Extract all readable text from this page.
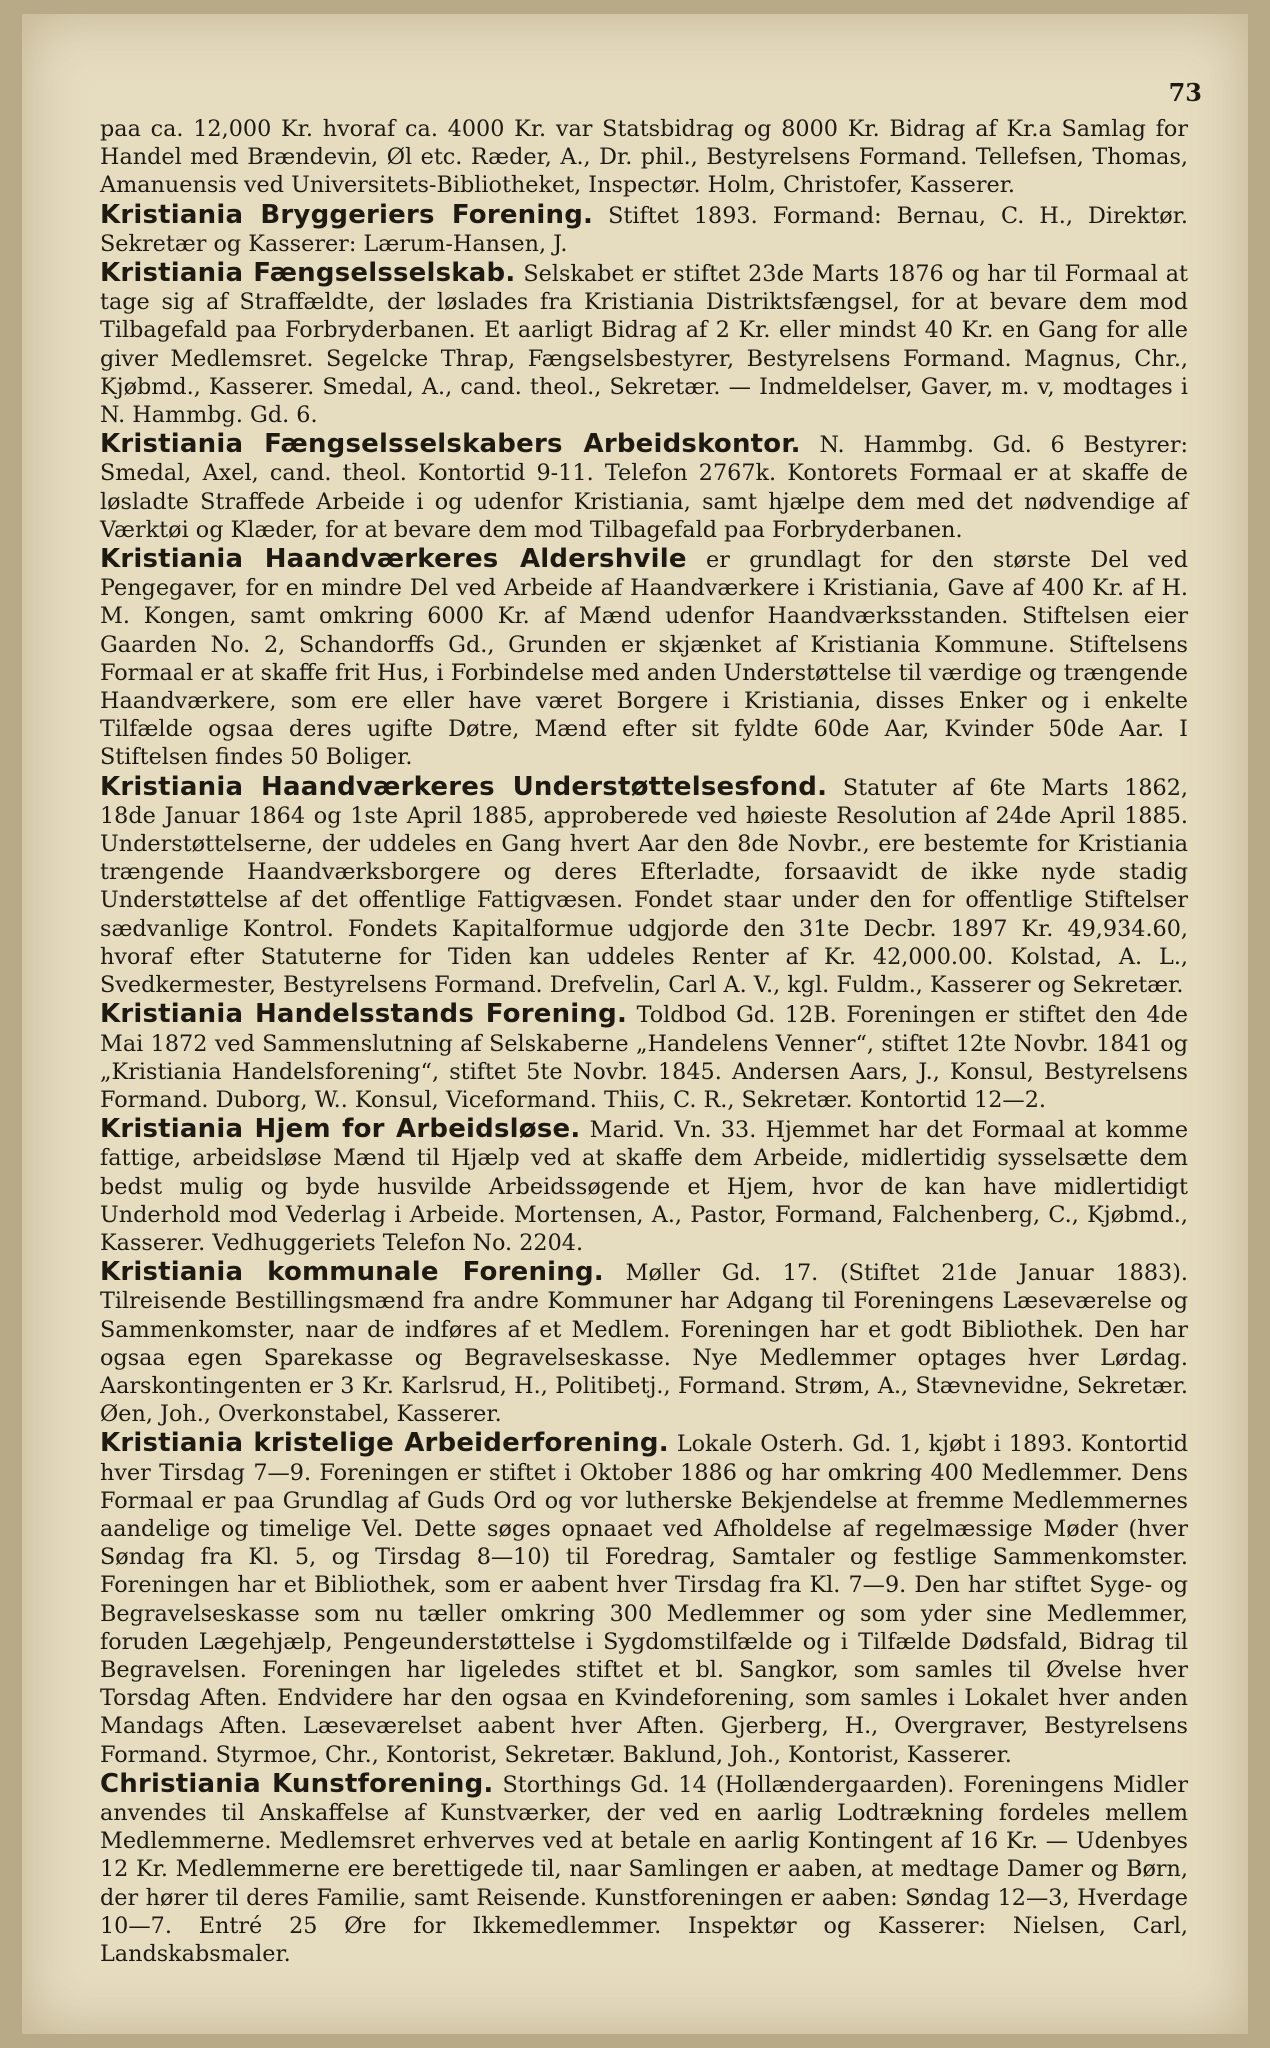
73

paa ca. 12,000 Kr. hvoraf ca. 4000 Kr. var Statsbidrag og 8000 Kr. Bidrag af Kr.a Samlag for Handel med Brændevin, Øl etc. Ræder, A., Dr. phil., Bestyrelsens Formand. Tellefsen, Thomas, Amanuensis ved Universitets-Bibliotheket, Inspectør. Holm, Christofer, Kasserer.

Kristiania Bryggeriers Forening. Stiftet 1893. Formand: Bernau, C. H., Direktør. Sekretær og Kasserer: Lærum-Hansen, J.

Kristiania Fængselsselskab. Selskabet er stiftet 23de Marts 1876 og har til Formaal at tage sig af Straffældte, der løslades fra Kristiania Distriktsfængsel, for at bevare dem mod Tilbagefald paa Forbryderbanen. Et aarligt Bidrag af 2 Kr. eller mindst 40 Kr. en Gang for alle giver Medlemsret. Segelcke Thrap, Fængselsbestyrer, Bestyrelsens Formand. Magnus, Chr., Kjøbmd., Kasserer. Smedal, A., cand. theol., Sekretær. — Indmeldelser, Gaver, m. v, modtages i N. Hammbg. Gd. 6.

Kristiania Fængselsselskabers Arbeidskontor. N. Hammbg. Gd. 6 Bestyrer: Smedal, Axel, cand. theol. Kontortid 9-11. Telefon 2767k. Kontorets Formaal er at skaffe de løsladte Straffede Arbeide i og udenfor Kristiania, samt hjælpe dem med det nødvendige af Værktøi og Klæder, for at bevare dem mod Tilbagefald paa Forbryderbanen.

Kristiania Haandværkeres Aldershvile er grundlagt for den største Del ved Pengegaver, for en mindre Del ved Arbeide af Haandværkere i Kristiania, Gave af 400 Kr. af H. M. Kongen, samt omkring 6000 Kr. af Mænd udenfor Haandværksstanden. Stiftelsen eier Gaarden No. 2, Schandorffs Gd., Grunden er skjænket af Kristiania Kommune. Stiftelsens Formaal er at skaffe frit Hus, i Forbindelse med anden Understøttelse til værdige og trængende Haandværkere, som ere eller have været Borgere i Kristiania, disses Enker og i enkelte Tilfælde ogsaa deres ugifte Døtre, Mænd efter sit fyldte 60de Aar, Kvinder 50de Aar. I Stiftelsen findes 50 Boliger.

Kristiania Haandværkeres Understøttelsesfond. Statuter af 6te Marts 1862, 18de Januar 1864 og 1ste April 1885, approberede ved høieste Resolution af 24de April 1885. Understøttelserne, der uddeles en Gang hvert Aar den 8de Novbr., ere bestemte for Kristiania trængende Haandværksborgere og deres Efterladte, forsaavidt de ikke nyde stadig Understøttelse af det offentlige Fattigvæsen. Fondet staar under den for offentlige Stiftelser sædvanlige Kontrol. Fondets Kapitalformue udgjorde den 31te Decbr. 1897 Kr. 49,934.60, hvoraf efter Statuterne for Tiden kan uddeles Renter af Kr. 42,000.00. Kolstad, A. L., Svedkermester, Bestyrelsens Formand. Drefvelin, Carl A. V., kgl. Fuldm., Kasserer og Sekretær.

Kristiania Handelsstands Forening. Toldbod Gd. 12B. Foreningen er stiftet den 4de Mai 1872 ved Sammenslutning af Selskaberne „Handelens Venner“, stiftet 12te Novbr. 1841 og „Kristiania Handelsforening“, stiftet 5te Novbr. 1845. Andersen Aars, J., Konsul, Bestyrelsens Formand. Duborg, W.. Konsul, Viceformand. Thiis, C. R., Sekretær. Kontortid 12—2.

Kristiania Hjem for Arbeidsløse. Marid. Vn. 33. Hjemmet har det Formaal at komme fattige, arbeidsløse Mænd til Hjælp ved at skaffe dem Arbeide, midlertidig sysselsætte dem bedst mulig og byde husvilde Arbeidssøgende et Hjem, hvor de kan have midlertidigt Underhold mod Vederlag i Arbeide. Mortensen, A., Pastor, Formand, Falchenberg, C., Kjøbmd., Kasserer. Vedhuggeriets Telefon No. 2204.

Kristiania kommunale Forening. Møller Gd. 17. (Stiftet 21de Januar 1883). Tilreisende Bestillingsmænd fra andre Kommuner har Adgang til Foreningens Læseværelse og Sammenkomster, naar de indføres af et Medlem. Foreningen har et godt Bibliothek. Den har ogsaa egen Sparekasse og Begravelseskasse. Nye Medlemmer optages hver Lørdag. Aarskontingenten er 3 Kr. Karlsrud, H., Politibetj., Formand. Strøm, A., Stævnevidne, Sekretær. Øen, Joh., Overkonstabel, Kasserer.

Kristiania kristelige Arbeiderforening. Lokale Osterh. Gd. 1, kjøbt i 1893. Kontortid hver Tirsdag 7—9. Foreningen er stiftet i Oktober 1886 og har omkring 400 Medlemmer. Dens Formaal er paa Grundlag af Guds Ord og vor lutherske Bekjendelse at fremme Medlemmernes aandelige og timelige Vel. Dette søges opnaaet ved Afholdelse af regelmæssige Møder (hver Søndag fra Kl. 5, og Tirsdag 8—10) til Foredrag, Samtaler og festlige Sammenkomster. Foreningen har et Bibliothek, som er aabent hver Tirsdag fra Kl. 7—9. Den har stiftet Syge- og Begravelseskasse som nu tæller omkring 300 Medlemmer og som yder sine Medlemmer, foruden Lægehjælp, Pengeunderstøttelse i Sygdomstilfælde og i Tilfælde Dødsfald, Bidrag til Begravelsen. Foreningen har ligeledes stiftet et bl. Sangkor, som samles til Øvelse hver Torsdag Aften. Endvidere har den ogsaa en Kvindeforening, som samles i Lokalet hver anden Mandags Aften. Læseværelset aabent hver Aften. Gjerberg, H., Overgraver, Bestyrelsens Formand. Styrmoe, Chr., Kontorist, Sekretær. Baklund, Joh., Kontorist, Kasserer.

Christiania Kunstforening. Storthings Gd. 14 (Hollændergaarden). Foreningens Midler anvendes til Anskaffelse af Kunstværker, der ved en aarlig Lodtrækning fordeles mellem Medlemmerne. Medlemsret erhverves ved at betale en aarlig Kontingent af 16 Kr. — Udenbyes 12 Kr. Medlemmerne ere berettigede til, naar Samlingen er aaben, at medtage Damer og Børn, der hører til deres Familie, samt Reisende. Kunstforeningen er aaben: Søndag 12—3, Hverdage 10—7. Entré 25 Øre for Ikkemedlemmer. Inspektør og Kasserer: Nielsen, Carl, Landskabsmaler.
